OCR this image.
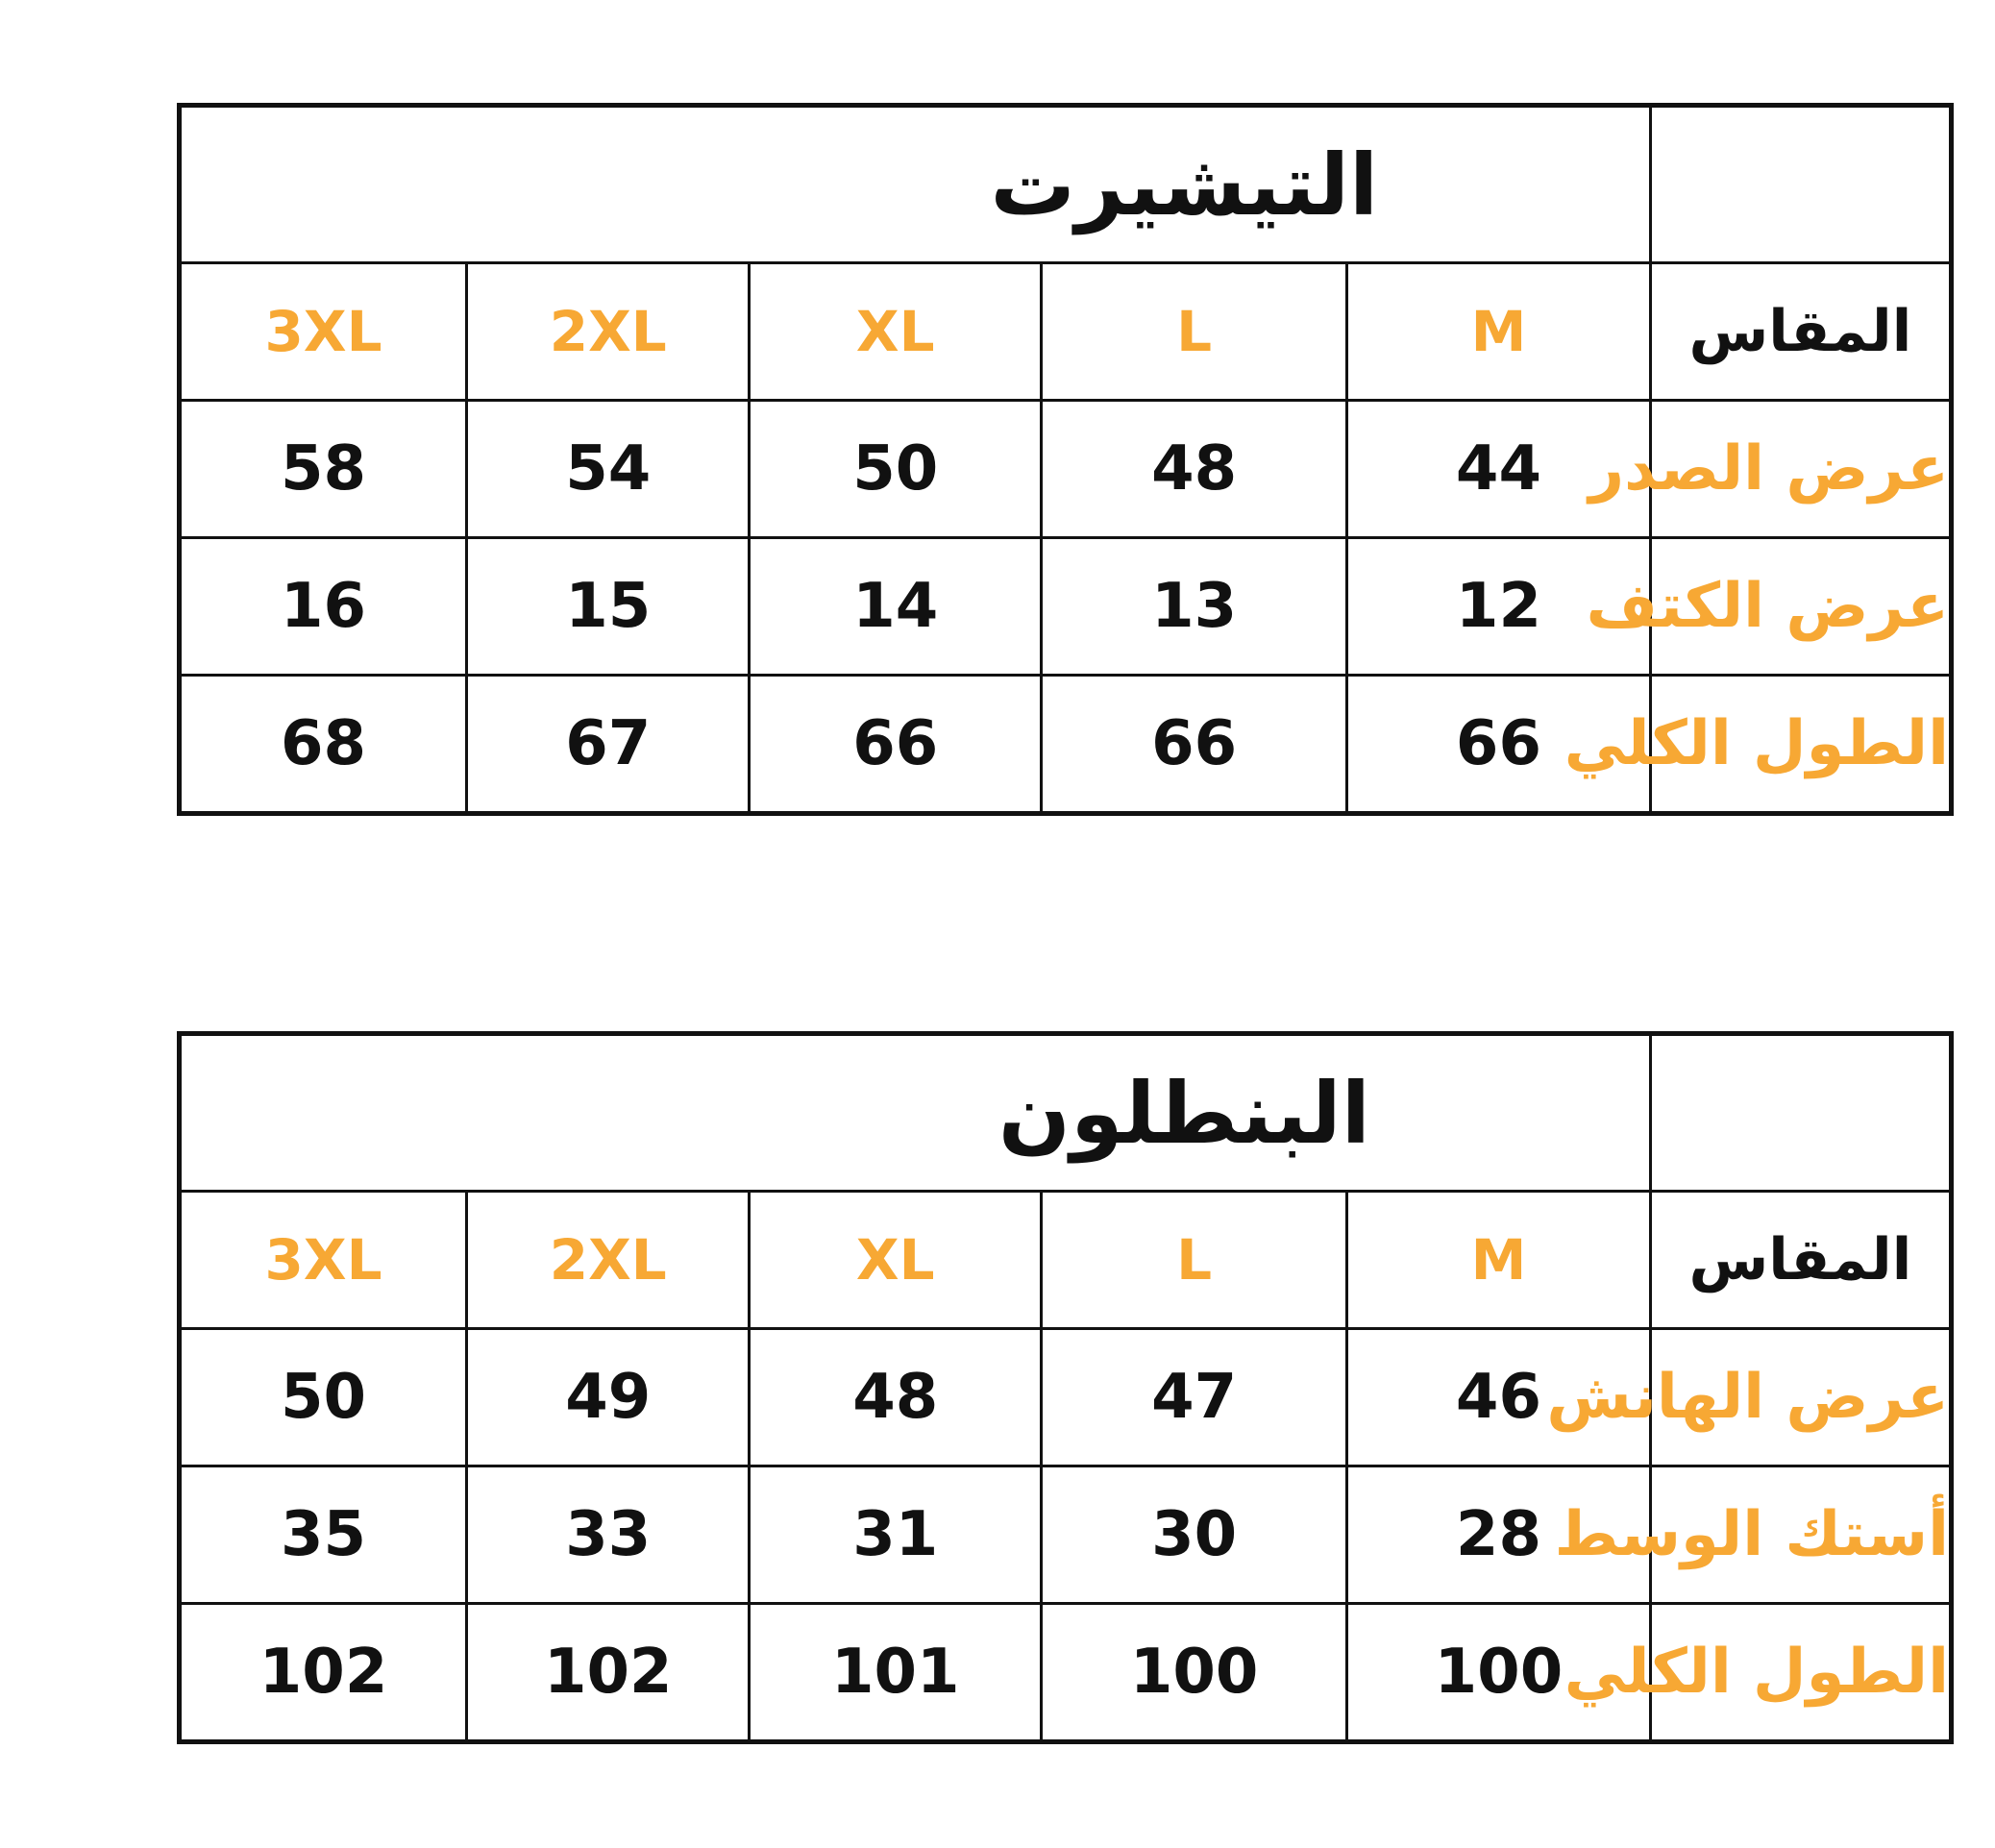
	التيشيرت				
المقاس	M	L	XL	2XL	3XL
عرض الصدر	44	48	50	54	58
عرض الكتف	12	13	14	15	16
الطول الكلي	66	66	66	67	68
	البنطلون				
المقاس	M	L	XL	2XL	3XL
عرض الهانش	46	47	48	49	50
أستك الوسط	28	30	31	33	35
الطول الكلي	100	100	101	102	102
